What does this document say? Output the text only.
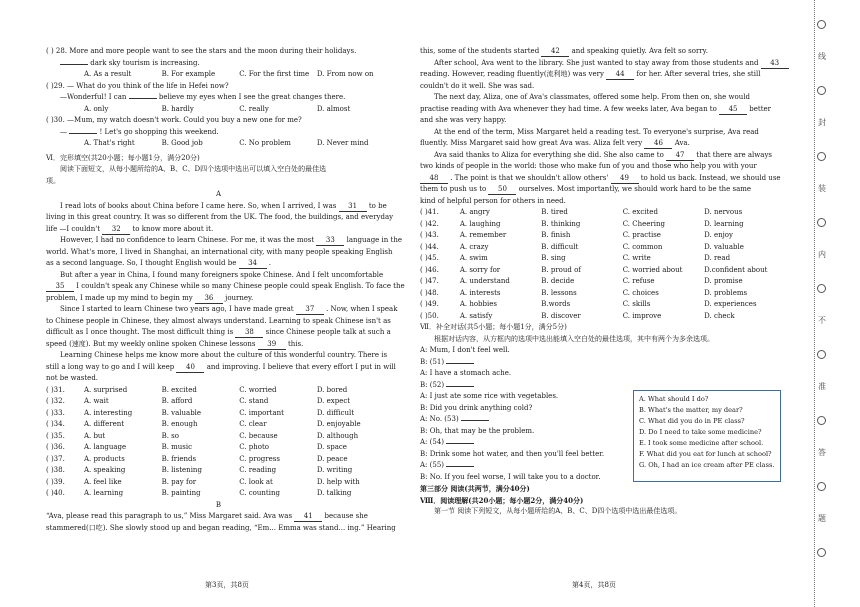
( ) 28. More and more people want to see the stars and the moon during their holidays.
dark sky tourism is increasing.
A. As a result	B. For example	C. For the first time	D. From now on
( )29. — What do you think of the life in Hefei now?
—Wonderful! I can	believe my eyes when I see the great changes there.
A. only	B. hardly	C. really	D. almost
( )30. —Mum, my watch doesn't work. Could you buy a new one for me?
—	! Let's go shopping this weekend.
A. That's right	B. Good job	C. No problem	D. Never mind
Ⅵ．完形填空(共20小题；每小题1分，满分20分)
阅读下面短文，从每小题所给的A、B、C、D四个选项中选出可以填入空白处的最佳选
项。
A
I read lots of books about China before I came here. So, when I arrived, I was 31 to be
living in this great country. It was so different from the UK. The food, the buildings, and everyday
life —I couldn't 32 to know more about it.
However, I had no confidence to learn Chinese. For me, it was the most 33 language in the
world. What's more, I lived in Shanghai, an international city, with many people speaking English
as a second language. So, I thought English would be 34 .
But after a year in China, I found many foreigners spoke Chinese. And I felt uncomfortable
35 I couldn't speak any Chinese while so many Chinese people could speak English. To face the
problem, I made up my mind to begin my 36 journey.
Since I started to learn Chinese two years ago, I have made great 37 . Now, when I speak
to Chinese people in Chinese, they almost always understand. Learning to speak Chinese isn't as
difficult as I once thought. The most difficult thing is 38 since Chinese people talk at such a
speed (速度). But my weekly online spoken Chinese lessons 39 this.
Learning Chinese helps me know more about the culture of this wonderful country. There is
still a long way to go and I will keep 40 and improving. I believe that every effort I put in will
not be wasted.
( )31.	A. surprised	B. excited	C. worried	D. bored
( )32.	A. wait	B. afford	C. stand	D. expect
( )33.	A. interesting	B. valuable	C. important	D. difficult
( )34.	A. different	B. enough	C. clear	D. enjoyable
( )35.	A. but	B. so	C. because	D. although
( )36.	A. language	B. music	C. photo	D. space
( )37.	A. products	B. friends	C. progress	D. peace
( )38.	A. speaking	B. listening	C. reading	D. writing
( )39.	A. feel like	B. pay for	C. look at	D. help with
( )40.	A. learning	B. painting	C. counting	D. talking
B
“Ava, please read this paragraph to us,” Miss Margaret said. Ava was 41 because she
stammered(口吃). She slowly stood up and began reading, “Em... Emma was stand... ing.” Hearing
第3页，共8页
this, some of the students started 42 and speaking quietly. Ava felt so sorry.
After school, Ava went to the library. She just wanted to stay away from those students and 43
reading. However, reading fluently(流利地) was very 44 for her. After several tries, she still
couldn't do it well. She was sad.
The next day, Aliza, one of Ava's classmates, offered some help. From then on, she would
practise reading with Ava whenever they had time. A few weeks later, Ava began to 45 better
and she was very happy.
At the end of the term, Miss Margaret held a reading test. To everyone's surprise, Ava read
fluently. Miss Margaret said how great Ava was. Aliza felt very 46 Ava.
Ava said thanks to Aliza for everything she did. She also came to 47 that there are always
two kinds of people in the world: those who make fun of you and those who help you with your
48 . The point is that we shouldn't allow others' 49 to hold us back. Instead, we should use
them to push us to 50 ourselves. Most importantly, we should work hard to be the same
kind of helpful person for others in need.
( )41.	A. angry	B. tired	C. excited	D. nervous
( )42.	A. laughing	B. thinking	C. Cheering	D. learning
( )43.	A. remember	B. finish	C. practise	D. enjoy
( )44.	A. crazy	B. difficult	C. common	D. valuable
( )45.	A. swim	B. sing	C. write	D. read
( )46.	A. sorry for	B. proud of	C. worried about	D.confident about
( )47.	A. understand	B. decide	C. refuse	D. promise
( )48.	A. interests	B. lessons	C. choices	D. problems
( )49.	A. hobbies	B.words	C. skills	D. experiences
( )50.	A. satisfy	B. discover	C. improve	D. check
Ⅶ．补全对话(共5小题；每小题1分，满分5分)
根据对话内容，从方框内的选项中选出能填入空白处的最佳选项，其中有两个为多余选项。
A: Mum, I don't feel well.
B: (51)
A: I have a stomach ache.
B: (52)
A: I just ate some rice with vegetables.
B: Did you drink anything cold?
A: No. (53)
B: Oh, that may be the problem.
A: (54)
B: Drink some hot water, and then you'll feel better.
A: (55)
B: No. If you feel worse, I will take you to a doctor.
第三部分 阅读(共两节，满分40分)
Ⅷ．阅读理解(共20小题；每小题2分，满分40分)
第一节 阅读下列短文，从每小题所给的A、B、C、D四个选项中选出最佳选项。
A. What should I do?
B. What's the matter, my dear?
C. What did you do in PE class?
D. Do I need to take some medicine?
E. I took some medicine after school.
F. What did you eat for lunch at school?
G. Oh, I had an ice cream after PE class.
第4页，共8页
线
封
装
内
不
准
答
题
